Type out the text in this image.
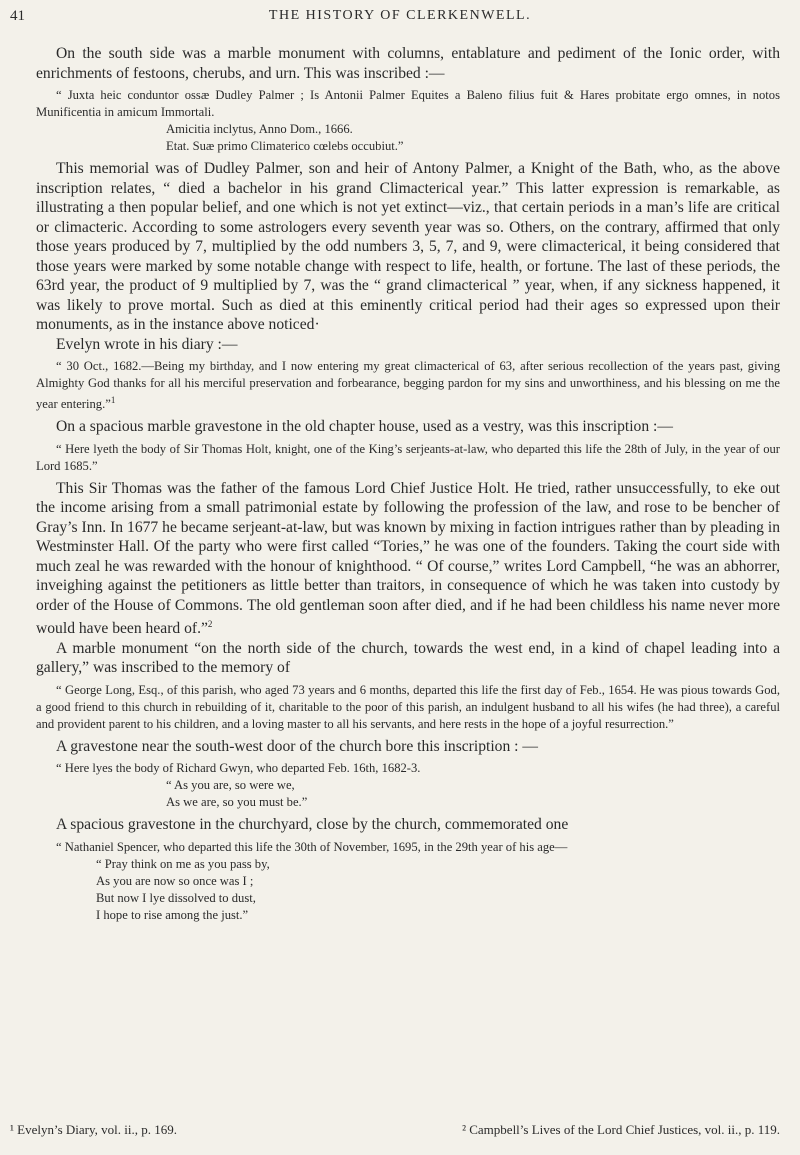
41	THE HISTORY OF CLERKENWELL.

On the south side was a marble monument with columns, entablature and pediment of the Ionic order, with enrichments of festoons, cherubs, and urn. This was inscribed :—

“ Juxta heic conduntor ossæ Dudley Palmer ; Is Antonii Palmer Equites a Baleno filius fuit & Hares probitate ergo omnes, in notos Munificentia in amicum Immortali.

Amicitia inclytus, Anno Dom., 1666.

Etat. Suæ primo Climaterico cœlebs occubiut.”

This memorial was of Dudley Palmer, son and heir of Antony Palmer, a Knight of the Bath, who, as the above inscription relates, “ died a bachelor in his grand Climacterical year.” This latter expression is remarkable, as illustrating a then popular belief, and one which is not yet extinct—viz., that certain periods in a man’s life are critical or climacteric. According to some astrologers every seventh year was so. Others, on the contrary, affirmed that only those years produced by 7, multiplied by the odd numbers 3, 5, 7, and 9, were climacterical, it being considered that those years were marked by some notable change with respect to life, health, or fortune. The last of these periods, the 63rd year, the product of 9 multiplied by 7, was the “ grand climacterical ” year, when, if any sickness happened, it was likely to prove mortal. Such as died at this eminently critical period had their ages so expressed upon their monuments, as in the instance above noticed·

Evelyn wrote in his diary :—

“ 30 Oct., 1682.—Being my birthday, and I now entering my great climacterical of 63, after serious recollection of the years past, giving Almighty God thanks for all his merciful preservation and forbearance, begging pardon for my sins and unworthiness, and his blessing on me the year entering.”$^1$

On a spacious marble gravestone in the old chapter house, used as a vestry, was this inscription :—

“ Here lyeth the body of Sir Thomas Holt, knight, one of the King’s serjeants-at-law, who departed this life the 28th of July, in the year of our Lord 1685.”

This Sir Thomas was the father of the famous Lord Chief Justice Holt. He tried, rather unsuccessfully, to eke out the income arising from a small patrimonial estate by following the profession of the law, and rose to be bencher of Gray’s Inn. In 1677 he became serjeant-at-law, but was known by mixing in faction intrigues rather than by pleading in Westminster Hall. Of the party who were first called “Tories,” he was one of the founders. Taking the court side with much zeal he was rewarded with the honour of knighthood. “ Of course,” writes Lord Campbell, “he was an abhorrer, inveighing against the petitioners as little better than traitors, in consequence of which he was taken into custody by order of the House of Commons. The old gentleman soon after died, and if he had been childless his name never more would have been heard of.”$^2$

A marble monument “on the north side of the church, towards the west end, in a kind of chapel leading into a gallery,” was inscribed to the memory of

“ George Long, Esq., of this parish, who aged 73 years and 6 months, departed this life the first day of Feb., 1654. He was pious towards God, a good friend to this church in rebuilding of it, charitable to the poor of this parish, an indulgent husband to all his wifes (he had three), a careful and provident parent to his children, and a loving master to all his servants, and here rests in the hope of a joyful resurrection.”

A gravestone near the south-west door of the church bore this inscription : —

“ Here lyes the body of Richard Gwyn, who departed Feb. 16th, 1682-3.

“ As you are, so were we,

As we are, so you must be.”

A spacious gravestone in the churchyard, close by the church, commemorated one

“ Nathaniel Spencer, who departed this life the 30th of November, 1695, in the 29th year of his age—

“ Pray think on me as you pass by,

As you are now so once was I ;

But now I lye dissolved to dust,

I hope to rise among the just.”

¹ Evelyn’s Diary, vol. ii., p. 169.	² Campbell’s Lives of the Lord Chief Justices, vol. ii., p. 119.
